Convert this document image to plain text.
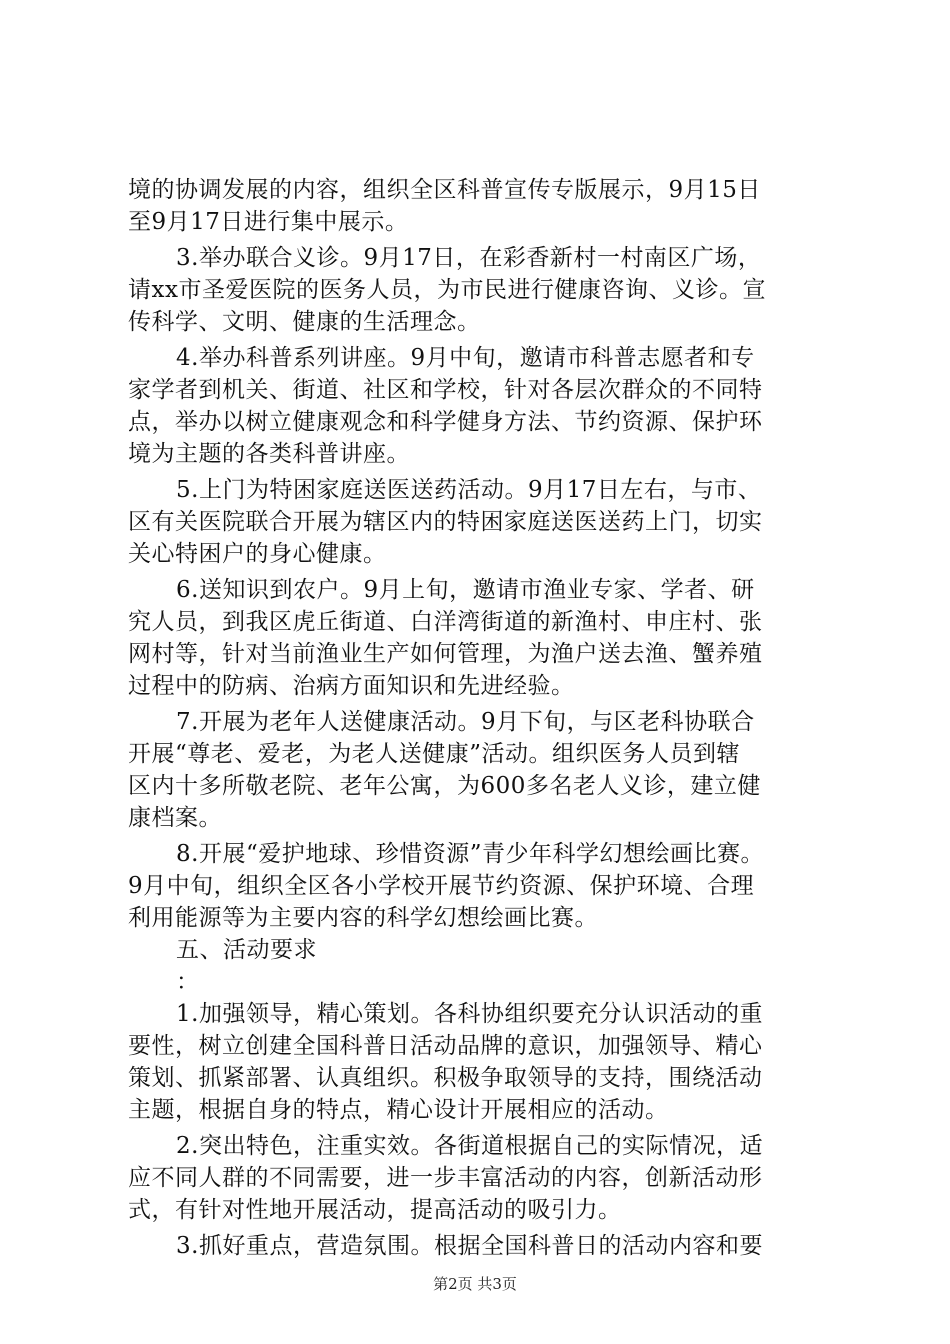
境的协调发展的内容，组织全区科普宣传专版展示，9月15日
至9月17日进行集中展示。
3.举办联合义诊。9月17日，在彩香新村一村南区广场，
请xx市圣爱医院的医务人员，为市民进行健康咨询、义诊。宣
传科学、文明、健康的生活理念。
4.举办科普系列讲座。9月中旬，邀请市科普志愿者和专
家学者到机关、街道、社区和学校，针对各层次群众的不同特
点，举办以树立健康观念和科学健身方法、节约资源、保护环
境为主题的各类科普讲座。
5.上门为特困家庭送医送药活动。9月17日左右，与市、
区有关医院联合开展为辖区内的特困家庭送医送药上门，切实
关心特困户的身心健康。
6.送知识到农户。9月上旬，邀请市渔业专家、学者、研
究人员，到我区虎丘街道、白洋湾街道的新渔村、申庄村、张
网村等，针对当前渔业生产如何管理，为渔户送去渔、蟹养殖
过程中的防病、治病方面知识和先进经验。
7.开展为老年人送健康活动。9月下旬，与区老科协联合
开展“尊老、爱老，为老人送健康”活动。组织医务人员到辖
区内十多所敬老院、老年公寓，为600多名老人义诊，建立健
康档案。
8.开展“爱护地球、珍惜资源”青少年科学幻想绘画比赛。
9月中旬，组织全区各小学校开展节约资源、保护环境、合理
利用能源等为主要内容的科学幻想绘画比赛。
五、活动要求
：
1.加强领导，精心策划。各科协组织要充分认识活动的重
要性，树立创建全国科普日活动品牌的意识，加强领导、精心
策划、抓紧部署、认真组织。积极争取领导的支持，围绕活动
主题，根据自身的特点，精心设计开展相应的活动。
2.突出特色，注重实效。各街道根据自己的实际情况，适
应不同人群的不同需要，进一步丰富活动的内容，创新活动形
式，有针对性地开展活动，提高活动的吸引力。
3.抓好重点，营造氛围。根据全国科普日的活动内容和要
第2页 共3页
